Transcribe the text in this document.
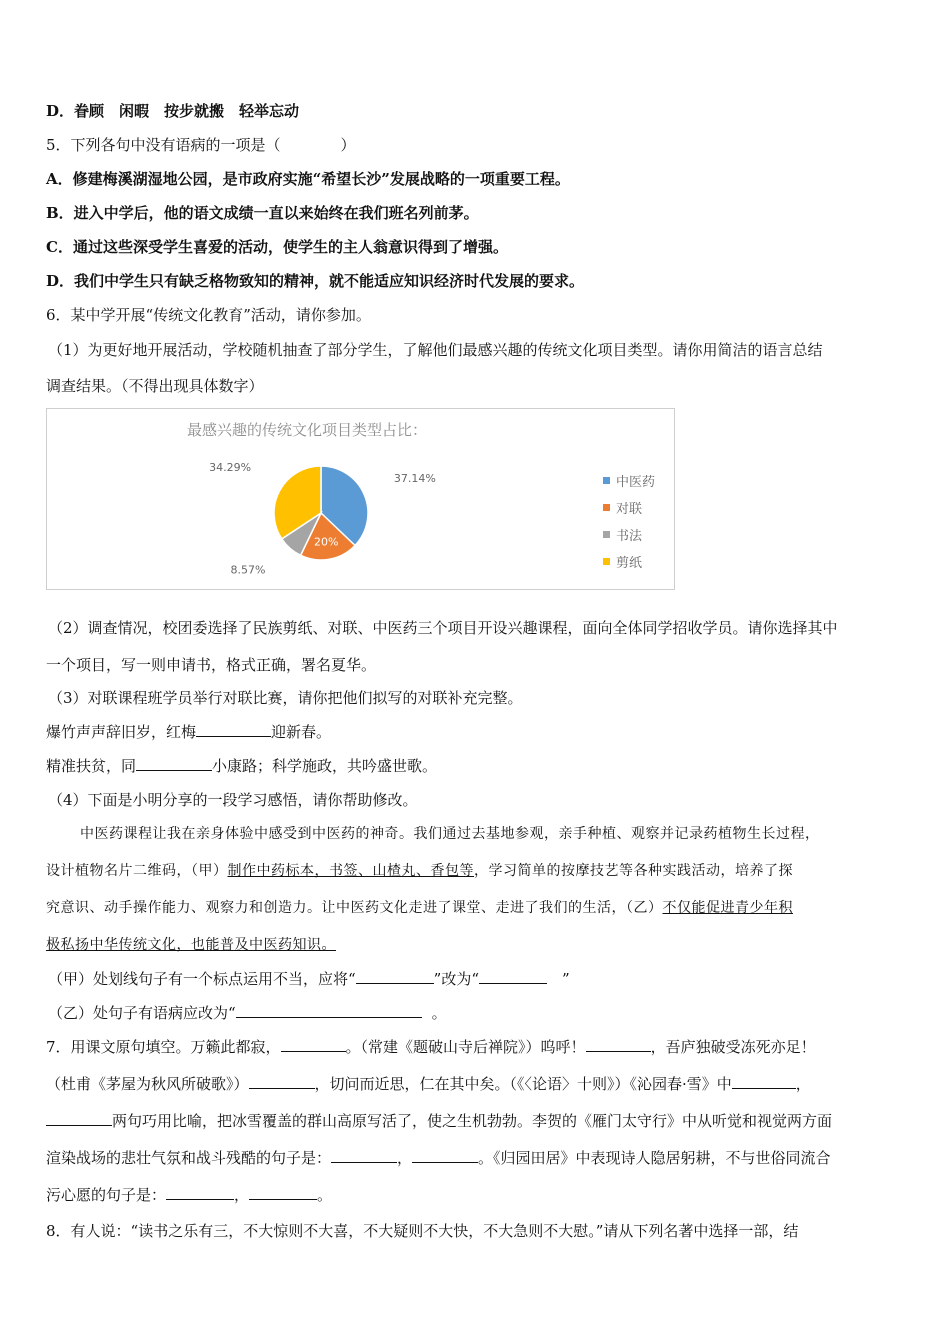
D．眷顾　闲暇　按步就搬　轻举忘动
5．下列各句中没有语病的一项是（　　　　）
A．修建梅溪湖湿地公园，是市政府实施“希望长沙”发展战略的一项重要工程。
B．进入中学后，他的语文成绩一直以来始终在我们班名列前茅。
C．通过这些深受学生喜爱的活动，使学生的主人翁意识得到了增强。
D．我们中学生只有缺乏格物致知的精神，就不能适应知识经济时代发展的要求。
6．某中学开展“传统文化教育”活动，请你参加。
（1）为更好地开展活动，学校随机抽查了部分学生，了解他们最感兴趣的传统文化项目类型。请你用简洁的语言总结
调查结果。（不得出现具体数字）
最感兴趣的传统文化项目类型占比：
37.14%
20%
8.57%
34.29%
中医药
对联
书法
剪纸
（2）调查情况，校团委选择了民族剪纸、对联、中医药三个项目开设兴趣课程，面向全体同学招收学员。请你选择其中
一个项目，写一则申请书，格式正确，署名夏华。
（3）对联课程班学员举行对联比赛，请你把他们拟写的对联补充完整。
爆竹声声辞旧岁，红梅	迎新春。
精准扶贫，同	小康路；科学施政，共吟盛世歌。
（4）下面是小明分享的一段学习感悟，请你帮助修改。
中医药课程让我在亲身体验中感受到中医药的神奇。我们通过去基地参观，亲手种植、观察并记录药植物生长过程，
设计植物名片二维码，（甲）制作中药标本，书签、山楂丸、香包等，学习简单的按摩技艺等各种实践活动，培养了探
究意识、动手操作能力、观察力和创造力。让中医药文化走进了课堂、走进了我们的生活，（乙）不仅能促进青少年积
极私扬中华传统文化，也能普及中医药知识。
（甲）处划线句子有一个标点运用不当，应将“	”改为“	　”
（乙）处句子有语病应改为“	。
7．用课文原句填空。万籁此都寂，	。（常建《题破山寺后禅院》）呜呼！	，吾庐独破受冻死亦足！
（杜甫《茅屋为秋风所破歌》）	，切问而近思，仁在其中矣。（《〈论语〉十则》）《沁园春·雪》中	，
两句巧用比喻，把冰雪覆盖的群山高原写活了，使之生机勃勃。李贺的《雁门太守行》中从听觉和视觉两方面
渲染战场的悲壮气氛和战斗残酷的句子是：	，	。《归园田居》中表现诗人隐居躬耕，不与世俗同流合
污心愿的句子是：	，	。
8．有人说：“读书之乐有三，不大惊则不大喜，不大疑则不大快，不大急则不大慰。”请从下列名著中选择一部，结
